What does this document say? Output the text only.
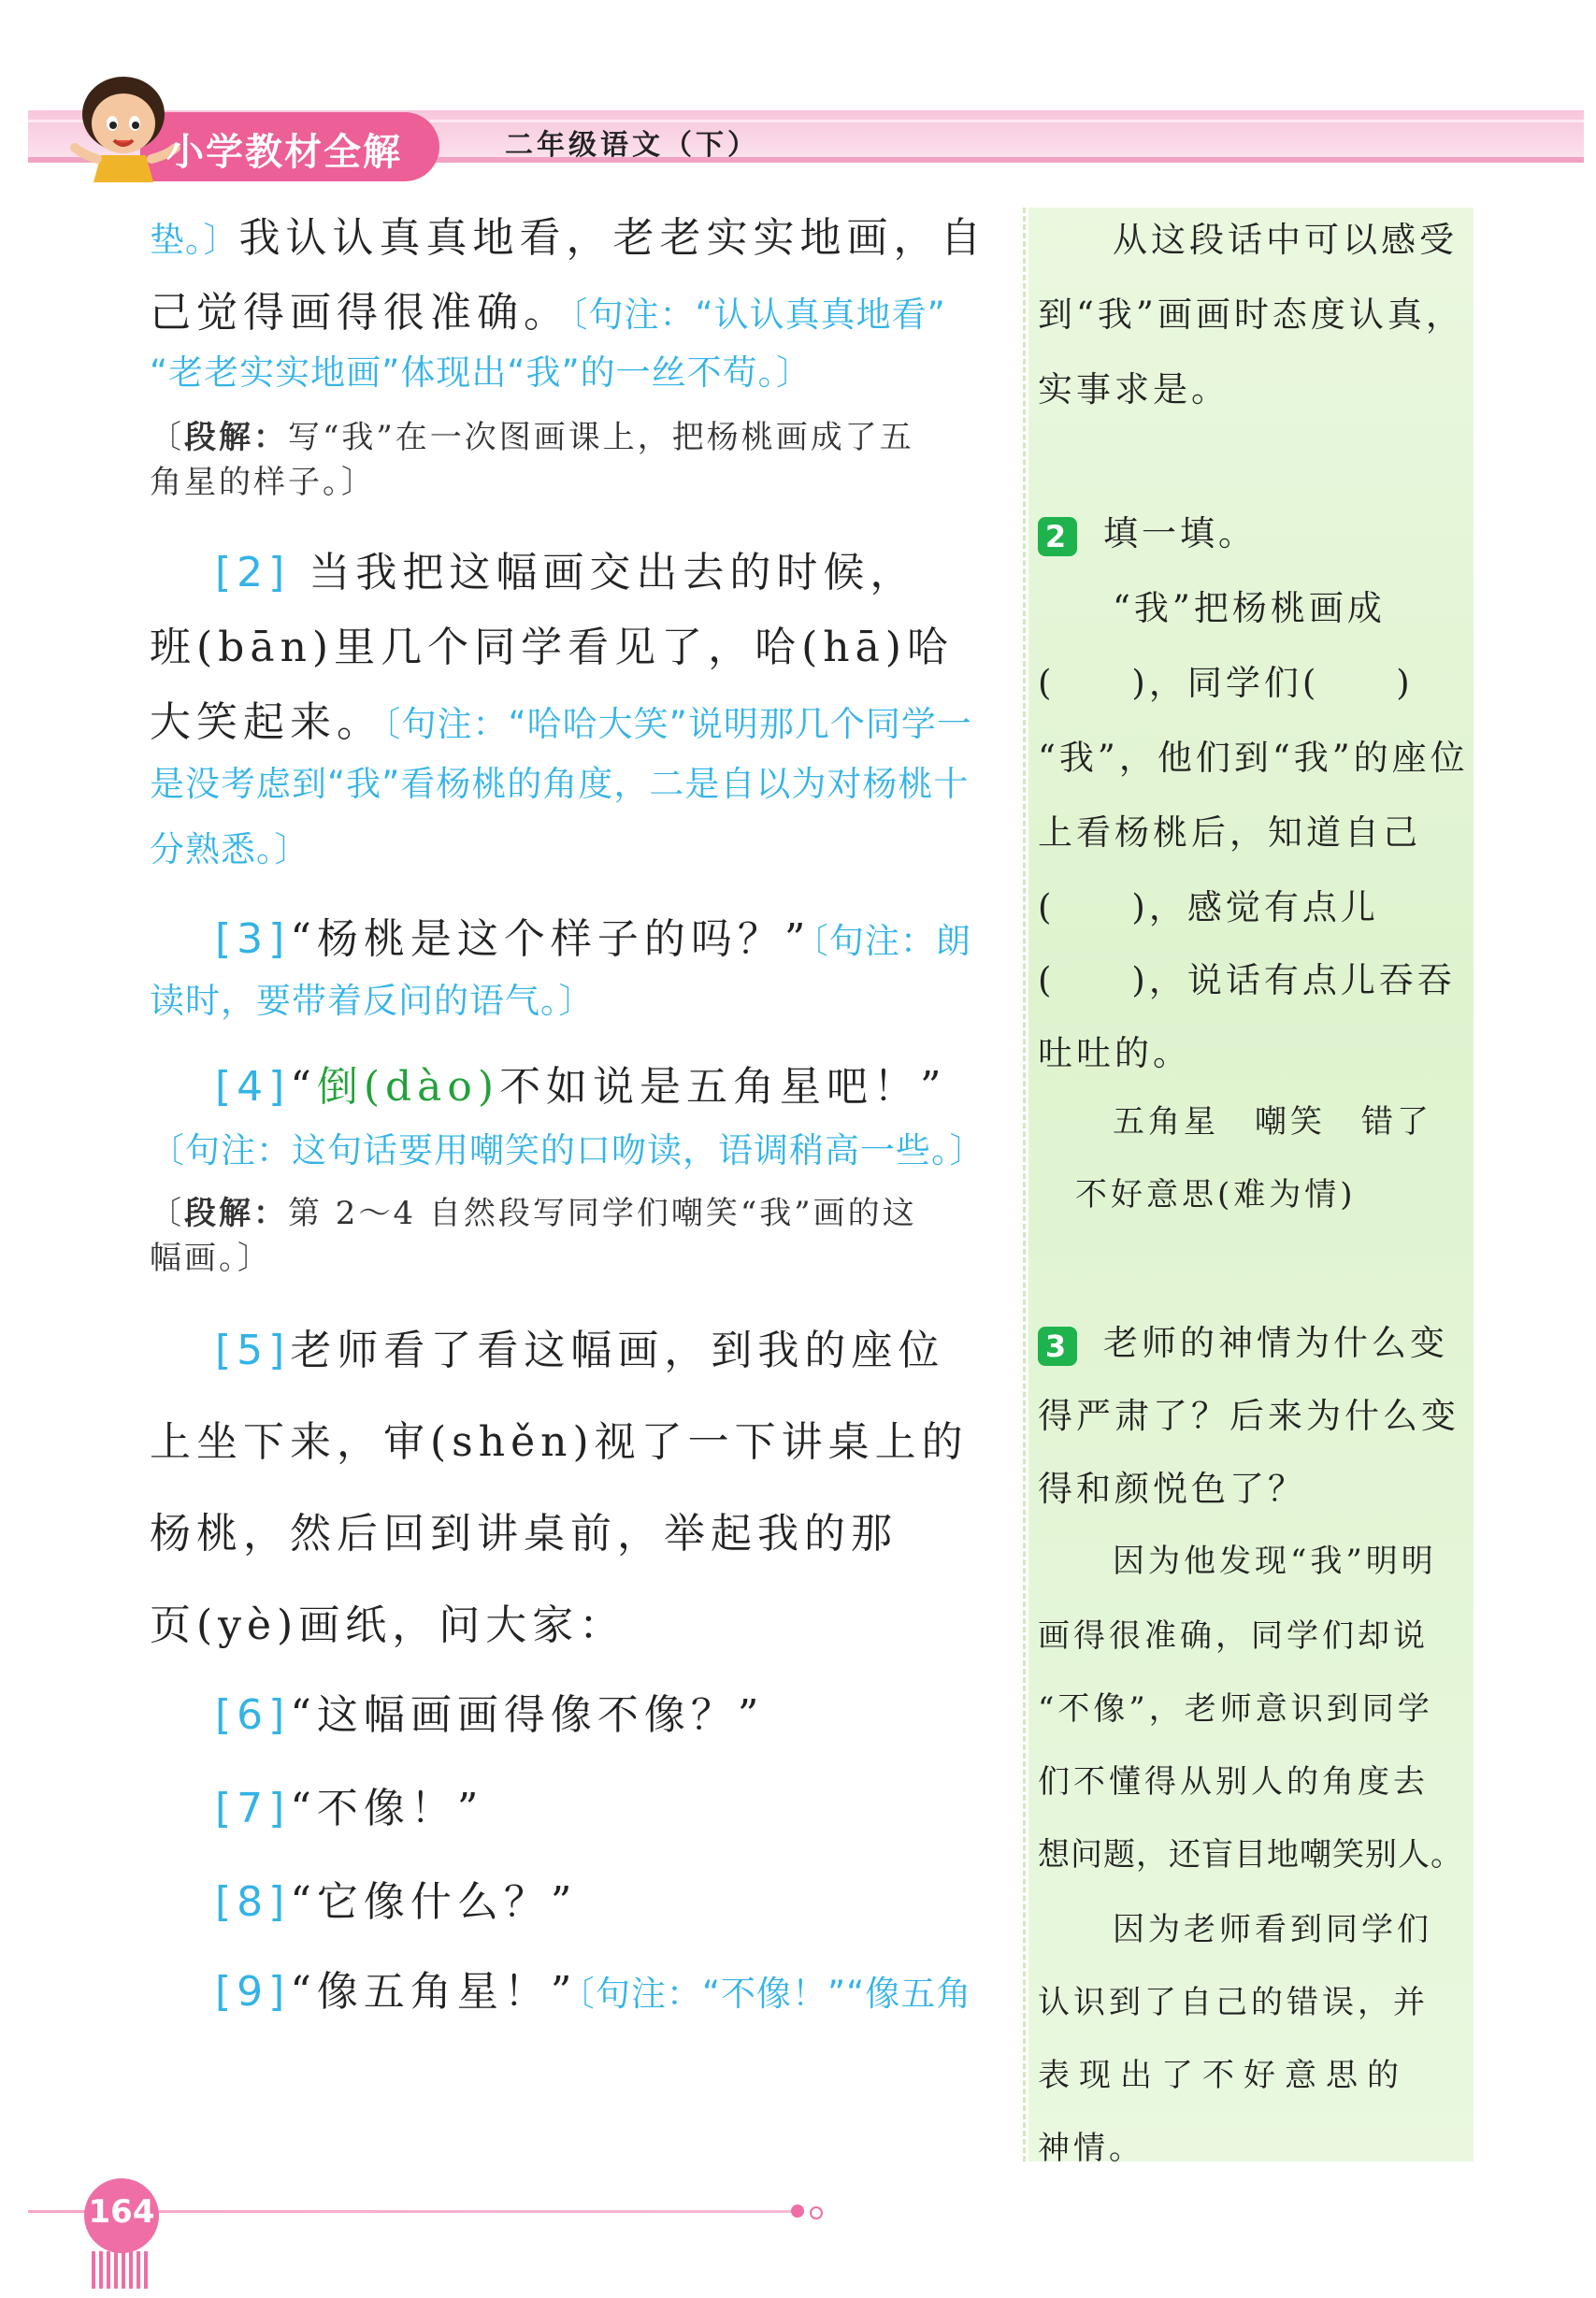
小学教材全解	二年级语文（下）
垫。〕我认认真真地看，老老实实地画，自
己觉得画得很准确。〔句注：“认认真真地看”
“老老实实地画”体现出“我”的一丝不苟。〕
〔段解：写“我”在一次图画课上，把杨桃画成了五
角星的样子。〕
[2] 当我把这幅画交出去的时候，
班(bān)里几个同学看见了，哈(hā)哈
大笑起来。〔句注：“哈哈大笑”说明那几个同学一
是没考虑到“我”看杨桃的角度，二是自以为对杨桃十
分熟悉。〕
[3]“杨桃是这个样子的吗？”〔句注：朗
读时，要带着反问的语气。〕
[4]“倒(dào)不如说是五角星吧！”
〔句注：这句话要用嘲笑的口吻读，语调稍高一些。〕
〔段解：第 2～4 自然段写同学们嘲笑“我”画的这
幅画。〕
[5]老师看了看这幅画，到我的座位
上坐下来，审(shěn)视了一下讲桌上的
杨桃，然后回到讲桌前，举起我的那
页(yè)画纸，问大家：
[6]“这幅画画得像不像？”
[7]“不像！”
[8]“它像什么？”
[9]“像五角星！”〔句注：“不像！”“像五角
从这段话中可以感受
到“我”画画时态度认真，
实事求是。
2 填一填。
“我”把杨桃画成
(　　)，同学们(　　)
“我”，他们到“我”的座位
上看杨桃后，知道自己
(　　)，感觉有点儿
(　　)，说话有点儿吞吞
吐吐的。
五角星　嘲笑　错了
不好意思(难为情)
3 老师的神情为什么变
得严肃了？后来为什么变
得和颜悦色了？
因为他发现“我”明明
画得很准确，同学们却说
“不像”，老师意识到同学
们不懂得从别人的角度去
想问题，还盲目地嘲笑别人。
因为老师看到同学们
认识到了自己的错误，并
表现出了不好意思的
神情。
164
